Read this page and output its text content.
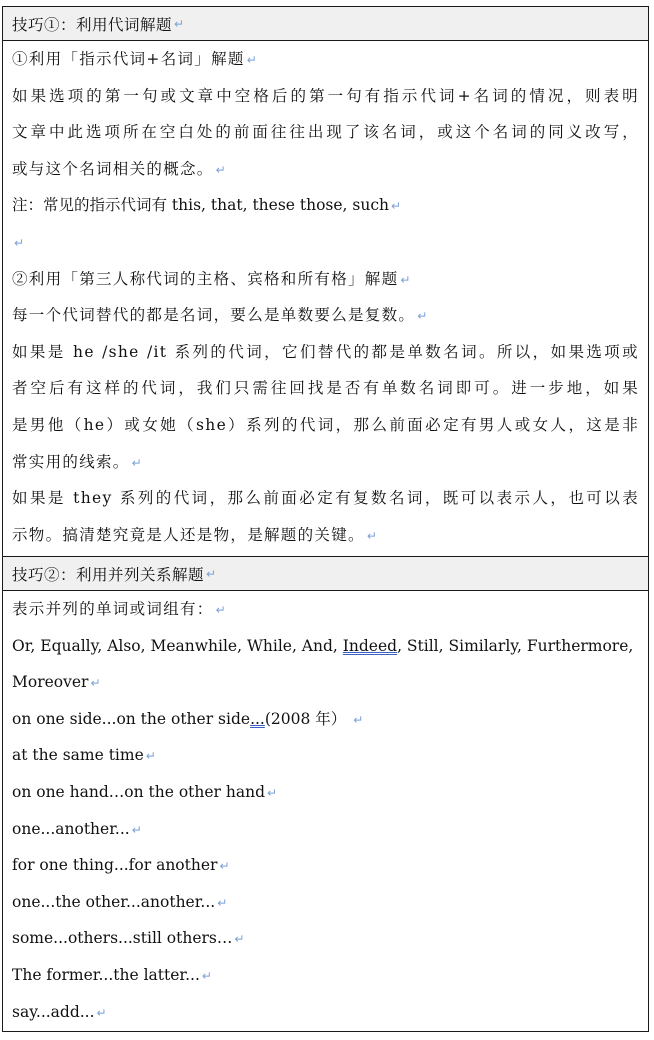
技巧①：利用代词解题 ↵
①利用「指示代词+名词」解题 ↵
如果选项的第一句或文章中空格后的第一句有指示代词+名词的情况，则表明
文章中此选项所在空白处的前面往往出现了该名词，或这个名词的同义改写，
或与这个名词相关的概念。 ↵
注：常见的指示代词有 this, that, these those, such ↵
↵
②利用「第三人称代词的主格、宾格和所有格」解题 ↵
每一个代词替代的都是名词，要么是单数要么是复数。 ↵
如果是 he /she /it 系列的代词，它们替代的都是单数名词。所以，如果选项或
者空后有这样的代词，我们只需往回找是否有单数名词即可。进一步地，如果
是男他（he）或女她（she）系列的代词，那么前面必定有男人或女人，这是非
常实用的线索。 ↵
如果是 they 系列的代词，那么前面必定有复数名词，既可以表示人，也可以表
示物。搞清楚究竟是人还是物，是解题的关键。 ↵
技巧②：利用并列关系解题 ↵
表示并列的单词或词组有： ↵
Or, Equally, Also, Meanwhile, While, And, Indeed, Still, Similarly, Furthermore,
Moreover ↵
on one side...on the other side...(2008 年） ↵
at the same time ↵
on one hand…on the other hand ↵
one...another... ↵
for one thing...for another ↵
one...the other...another... ↵
some...others...still others… ↵
The former...the latter... ↵
say...add... ↵
